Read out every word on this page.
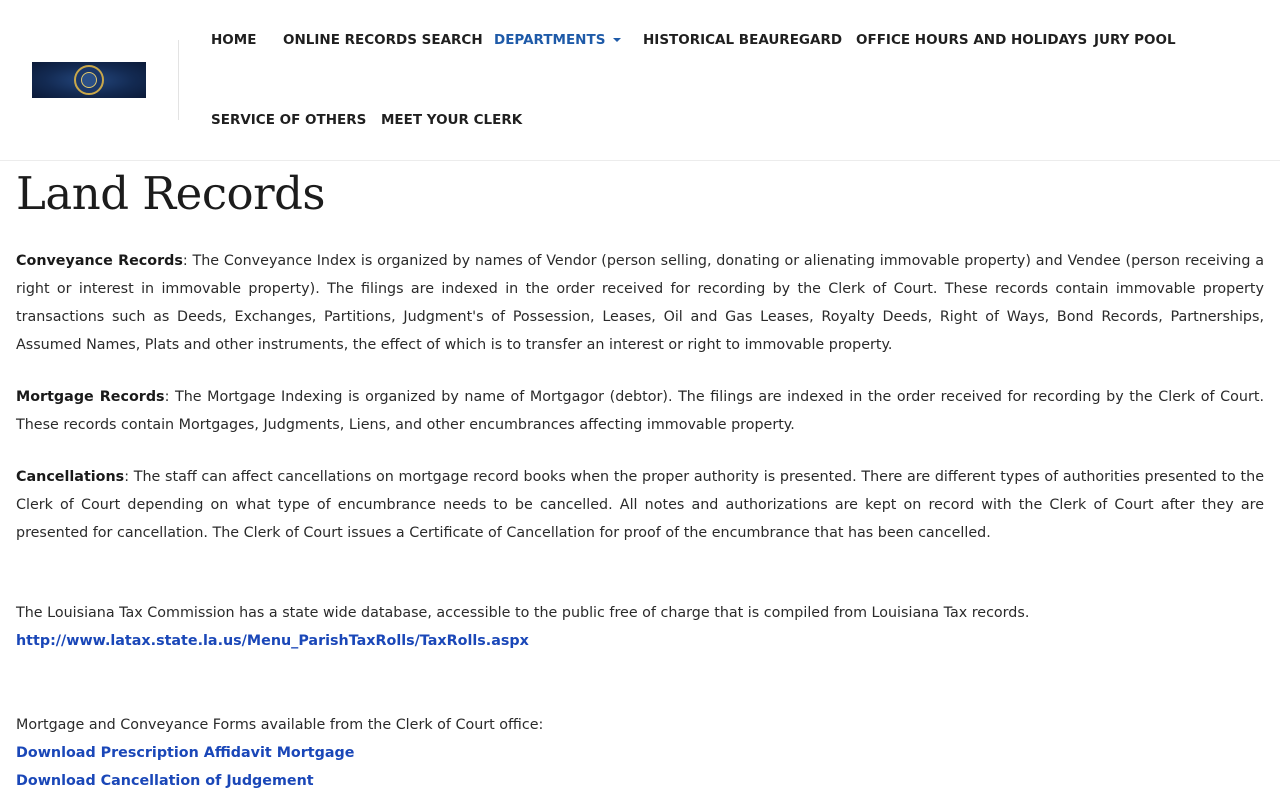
HOME ONLINE RECORDS SEARCH DEPARTMENTS	HISTORICAL BEAUREGARD OFFICE HOURS AND HOLIDAYS JURY POOL
SERVICE OF OTHERS MEET YOUR CLERK
Land Records

Conveyance Records: The Conveyance Index is organized by names of Vendor (person selling, donating or alienating immovable property) and Vendee (person receiving a right or interest in immovable property). The filings are indexed in the order received for recording by the Clerk of Court. These records contain immovable property transactions such as Deeds, Exchanges, Partitions, Judgment's of Possession, Leases, Oil and Gas Leases, Royalty Deeds, Right of Ways, Bond Records, Partnerships, Assumed Names, Plats and other instruments, the effect of which is to transfer an interest or right to immovable property.

Mortgage Records: The Mortgage Indexing is organized by name of Mortgagor (debtor). The filings are indexed in the order received for recording by the Clerk of Court. These records contain Mortgages, Judgments, Liens, and other encumbrances affecting immovable property.

Cancellations: The staff can affect cancellations on mortgage record books when the proper authority is presented. There are different types of authorities presented to the Clerk of Court depending on what type of encumbrance needs to be cancelled. All notes and authorizations are kept on record with the Clerk of Court after they are presented for cancellation. The Clerk of Court issues a Certificate of Cancellation for proof of the encumbrance that has been cancelled.

The Louisiana Tax Commission has a state wide database, accessible to the public free of charge that is compiled from Louisiana Tax records.
http://www.latax.state.la.us/Menu_ParishTaxRolls/TaxRolls.aspx
Mortgage and Conveyance Forms available from the Clerk of Court office:
Download Prescription Affidavit Mortgage
Download Cancellation of Judgement
